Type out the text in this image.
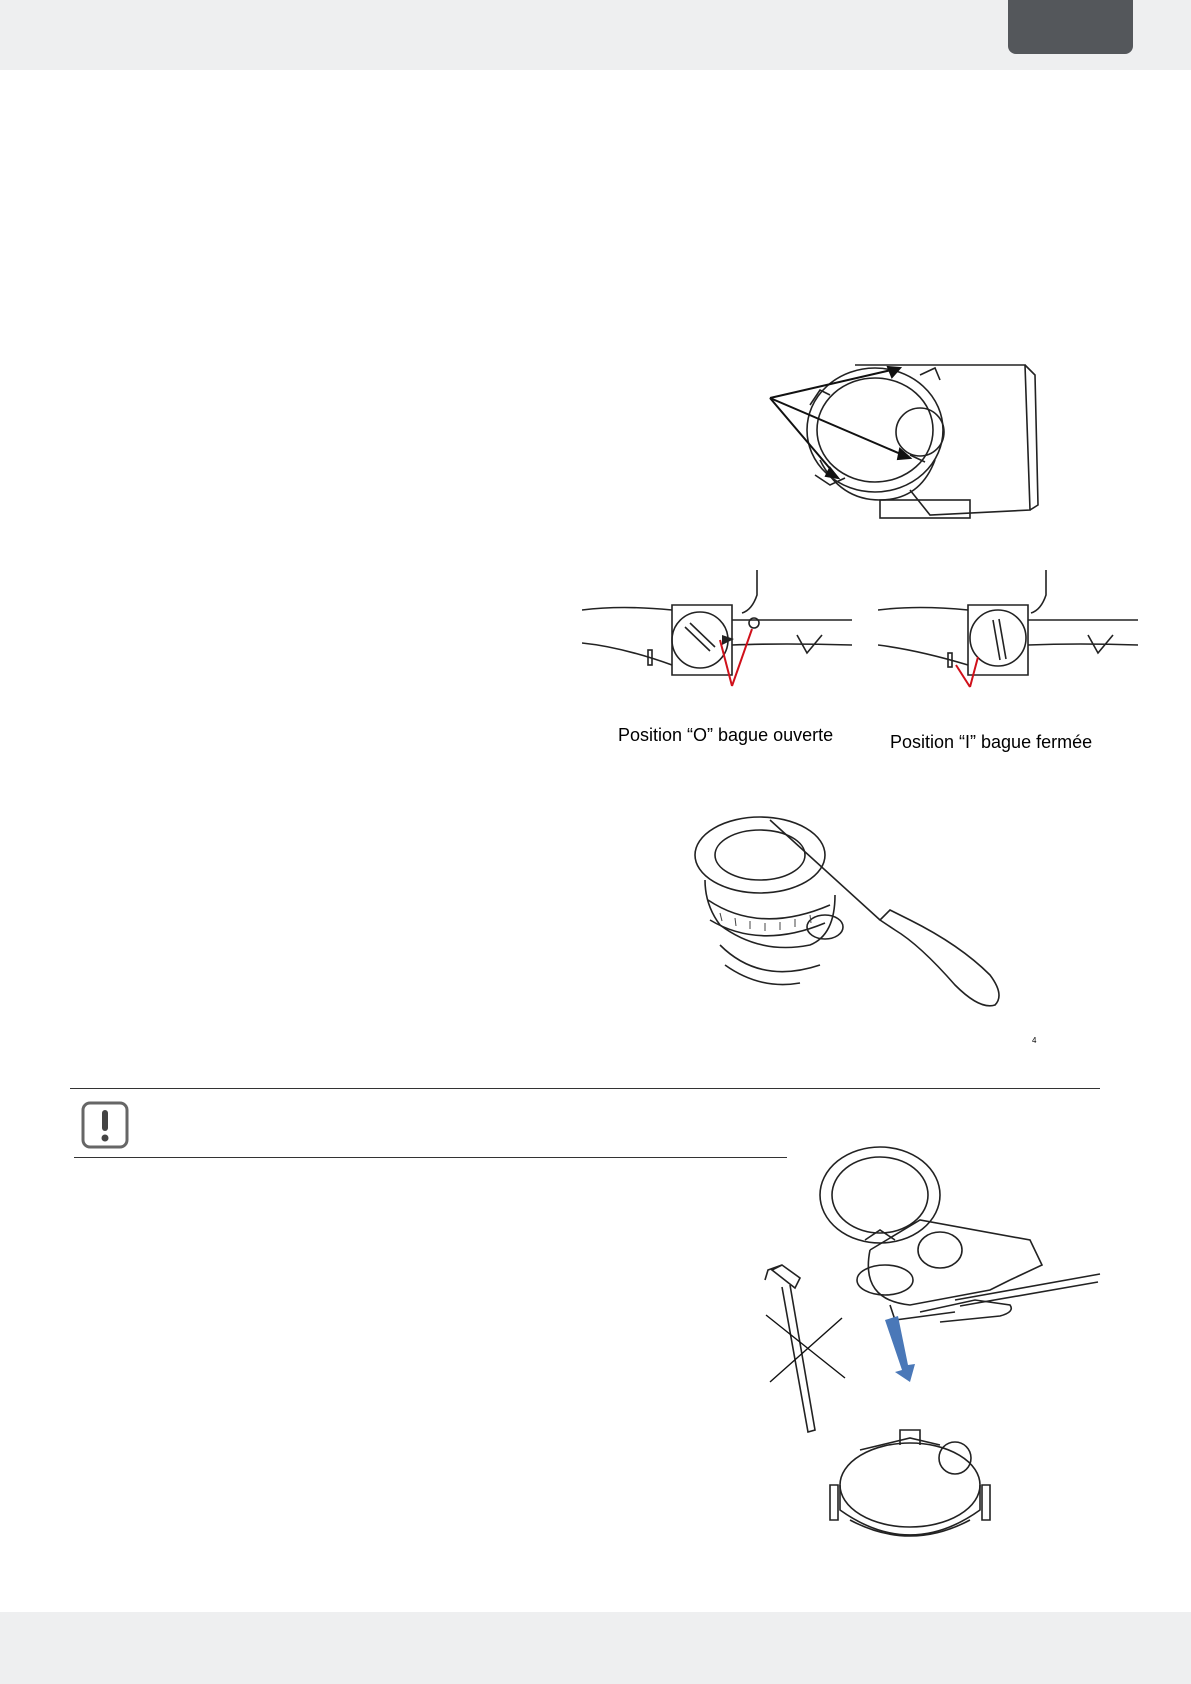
Position “O” bague ouverte	Position “I” bague fermée
4
